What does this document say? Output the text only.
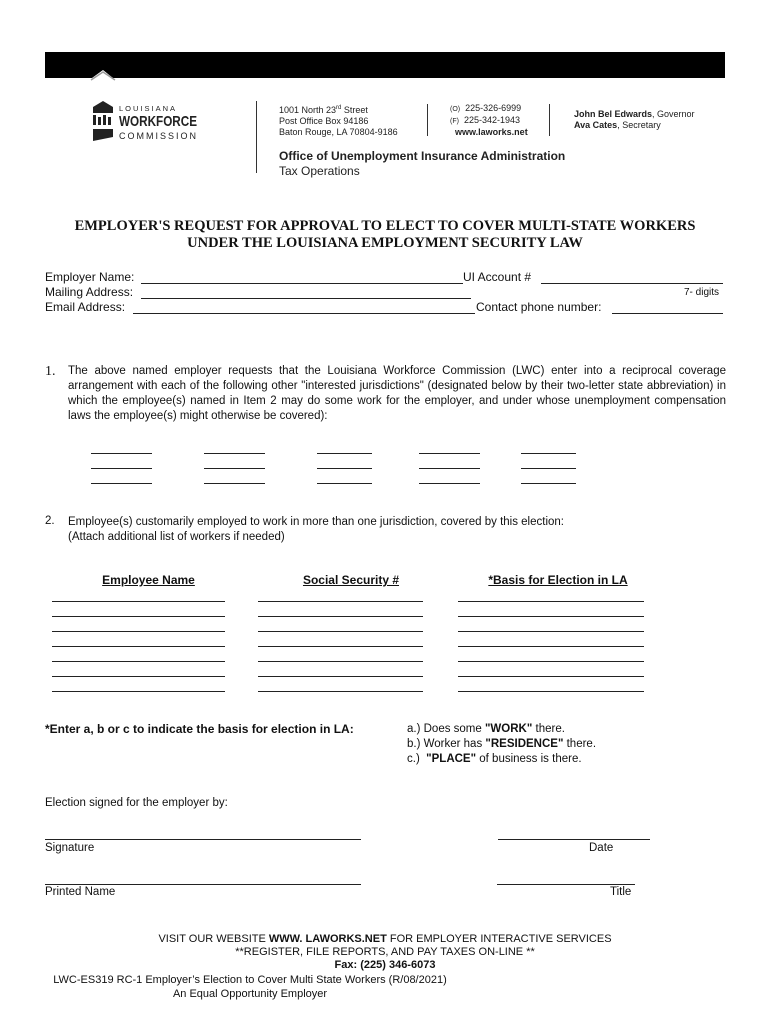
LOUISIANA
WORKFORCE
COMMISSION
1001 North 23rd Street
Post Office Box 94186
Baton Rouge, LA 70804-9186
(O) 225-326-6999
(F) 225-342-1943
www.laworks.net
John Bel Edwards, Governor
Ava Cates, Secretary
Office of Unemployment Insurance Administration
Tax Operations
EMPLOYER'S REQUEST FOR APPROVAL TO ELECT TO COVER MULTI-STATE WORKERS
UNDER THE LOUISIANA EMPLOYMENT SECURITY LAW
Employer Name:	UI Account #
Mailing Address:	7- digits
Email Address:	Contact phone number:
1. The above named employer requests that the Louisiana Workforce Commission (LWC) enter into a reciprocal coverage arrangement with each of the following other "interested jurisdictions" (designated below by their two-letter state abbreviation) in which the employee(s) named in Item 2 may do some work for the employer, and under whose unemployment compensation laws the employee(s) might otherwise be covered):
2. Employee(s) customarily employed to work in more than one jurisdiction, covered by this election:
(Attach additional list of workers if needed)
Employee Name	Social Security #	*Basis for Election in LA
*Enter a, b or c to indicate the basis for election in LA:	a.) Does some "WORK" there.
b.) Worker has "RESIDENCE" there.
c.)  "PLACE" of business is there.
Election signed for the employer by:
Signature	Date
Printed Name	Title
VISIT OUR WEBSITE WWW. LAWORKS.NET FOR EMPLOYER INTERACTIVE SERVICES
**REGISTER, FILE REPORTS, AND PAY TAXES ON-LINE **
Fax: (225) 346-6073
LWC-ES319 RC-1 Employer’s Election to Cover Multi State Workers (R/08/2021)
An Equal Opportunity Employer
